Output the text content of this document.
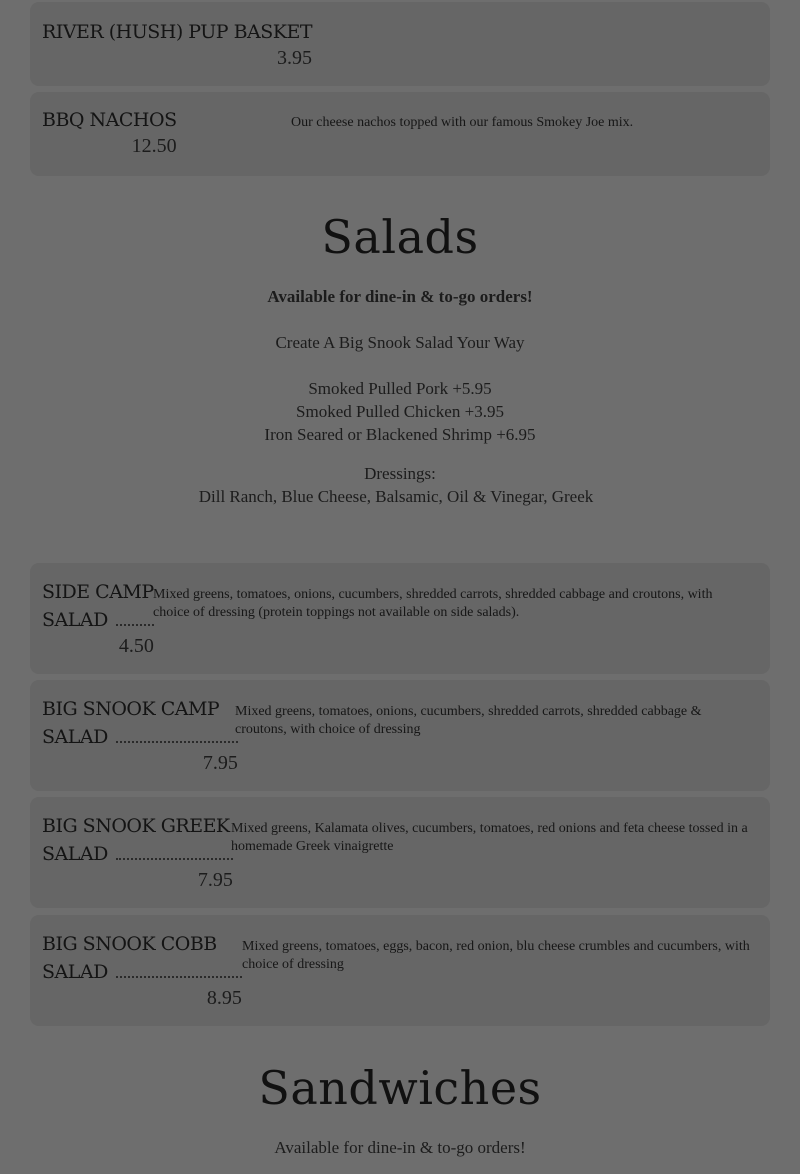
RIVER (HUSH) PUP BASKET
3.95
BBQ NACHOS
12.50
Our cheese nachos topped with our famous Smokey Joe mix.
Salads
Available for dine-in & to-go orders!
Create A Big Snook Salad Your Way
Smoked Pulled Pork +5.95
Smoked Pulled Chicken +3.95
Iron Seared or Blackened Shrimp +6.95
Dressings:
Dill Ranch, Blue Cheese, Balsamic, Oil & Vinegar, Greek
SIDE CAMP
SALAD
4.50
Mixed greens, tomatoes, onions, cucumbers, shredded carrots, shredded cabbage and croutons, with choice of dressing (protein toppings not available on side salads).
BIG SNOOK CAMP
SALAD
7.95
Mixed greens, tomatoes, onions, cucumbers, shredded carrots, shredded cabbage & croutons, with choice of dressing
BIG SNOOK GREEK
SALAD
7.95
Mixed greens, Kalamata olives, cucumbers, tomatoes, red onions and feta cheese tossed in a homemade Greek vinaigrette
BIG SNOOK COBB
SALAD
8.95
Mixed greens, tomatoes, eggs, bacon, red onion, blu cheese crumbles and cucumbers, with choice of dressing
Sandwiches
Available for dine-in & to-go orders!
